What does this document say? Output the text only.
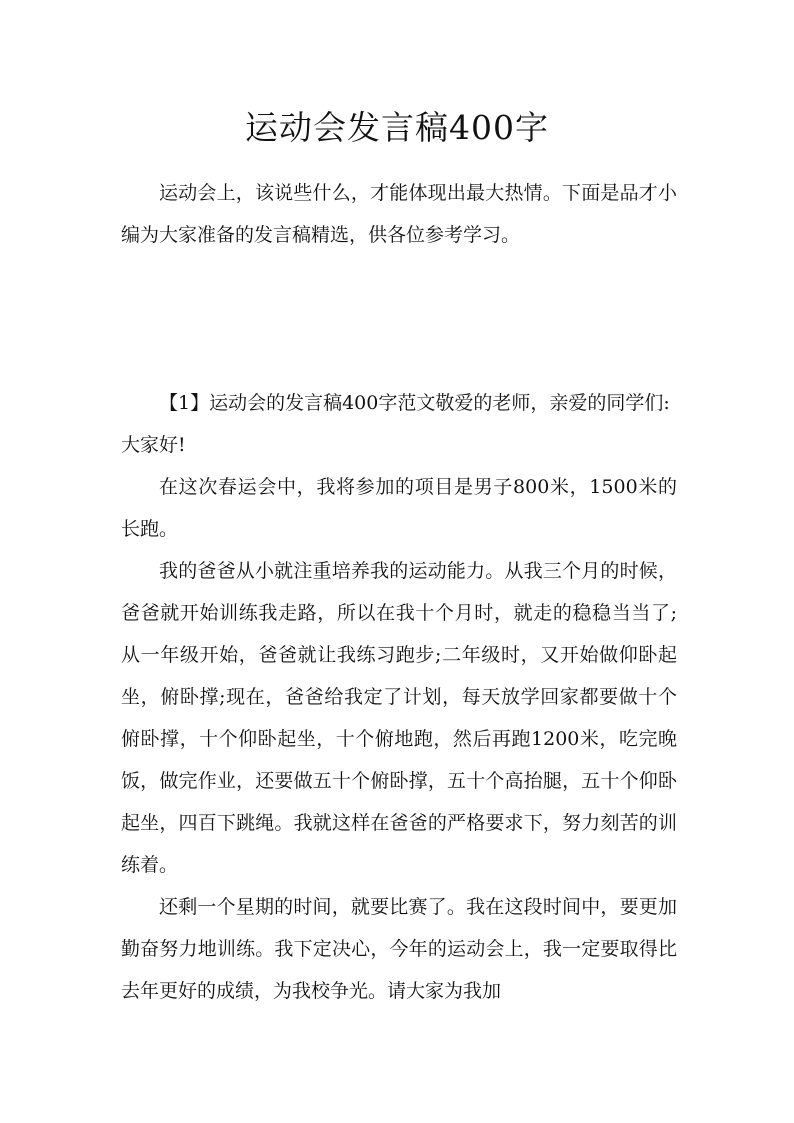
运动会发言稿400字

运动会上，该说些什么，才能体现出最大热情。下面是品才小编为大家准备的发言稿精选，供各位参考学习。

【1】运动会的发言稿400字范文敬爱的老师，亲爱的同学们:

大家好!

在这次春运会中，我将参加的项目是男子800米，1500米的长跑。

我的爸爸从小就注重培养我的运动能力。从我三个月的时候，爸爸就开始训练我走路，所以在我十个月时，就走的稳稳当当了;从一年级开始，爸爸就让我练习跑步;二年级时，又开始做仰卧起坐，俯卧撑;现在，爸爸给我定了计划，每天放学回家都要做十个俯卧撑，十个仰卧起坐，十个俯地跑，然后再跑1200米，吃完晚饭，做完作业，还要做五十个俯卧撑，五十个高抬腿，五十个仰卧起坐，四百下跳绳。我就这样在爸爸的严格要求下，努力刻苦的训练着。

还剩一个星期的时间，就要比赛了。我在这段时间中，要更加勤奋努力地训练。我下定决心，今年的运动会上，我一定要取得比去年更好的成绩，为我校争光。请大家为我加
